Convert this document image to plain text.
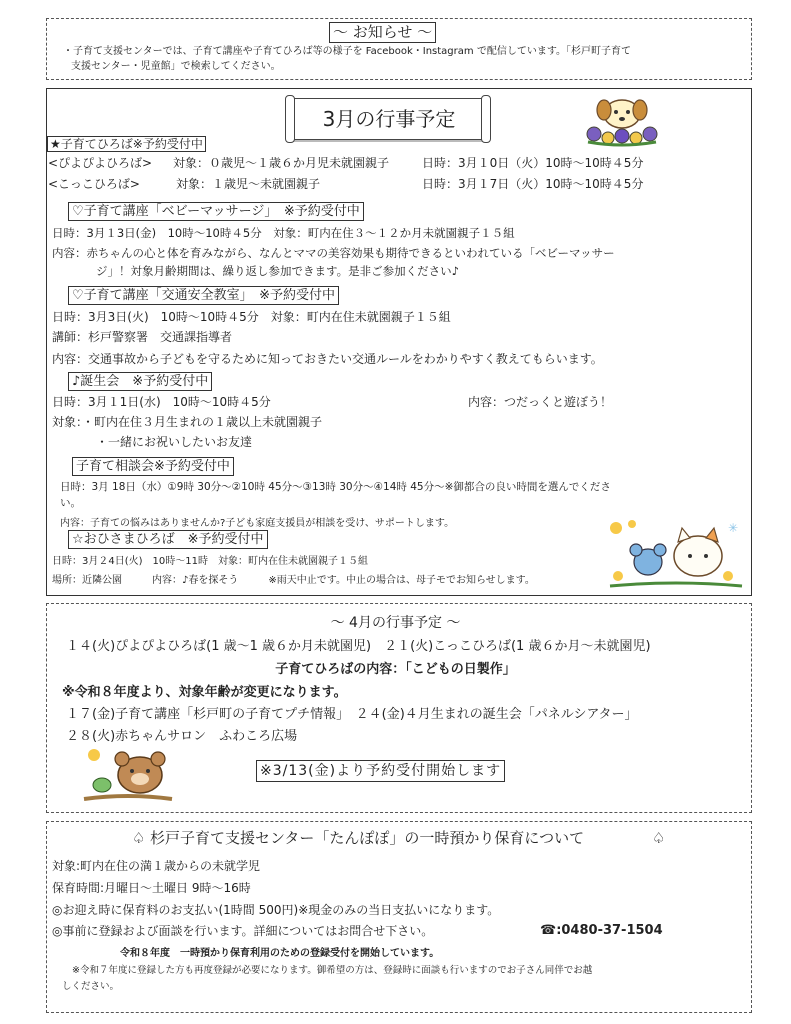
～ お知らせ ～
・子育て支援センターでは、子育て講座や子育てひろば等の様子を Facebook・Instagram で配信しています。「杉戸町子育て
支援センター・児童館」で検索してください。
3月の行事予定
★子育てひろば※予約受付中
<ぴよぴよひろば> 対象：０歳児～１歳６か月児未就園親子	日時：3月１0日（火）10時～10時４5分
<こっこひろば>	対象：１歳児～未就園親子	日時：3月１7日（火）10時～10時４5分
♡子育て講座「ベビーマッサージ」　※予約受付中
日時：3月１3日(金)　10時～10時４5分　対象：町内在住３～１２か月未就園親子１５組
内容：赤ちゃんの心と体を育みながら、なんとママの美容効果も期待できるといわれている「ベビーマッサー
ジ」！対象月齢期間は、繰り返し参加できます。是非ご参加ください♪
♡子育て講座「交通安全教室」　※予約受付中
日時：3月3日(火)　10時～10時４5分　対象：町内在住未就園親子１５組
講師：杉戸警察署　交通課指導者
内容：交通事故から子どもを守るために知っておきたい交通ルールをわかりやすく教えてもらいます。
♪誕生会　※予約受付中
日時：3月１1日(水)　10時～10時４5分	内容：つだっくと遊ぼう！
対象：・町内在住３月生まれの１歳以上未就園親子
・一緒にお祝いしたいお友達
子育て相談会※予約受付中
日時：3月 18日（水）①9時 30分～②10時 45分～③13時 30分～④14時 45分～※御都合の良い時間を選んでくださ
い。
内容：子育ての悩みはありませんか?子ども家庭支援員が相談を受け、サポートします。
☆おひさまひろば　※予約受付中
日時：3月２4日(火)　10時～11時　対象：町内在住未就園親子１５組
場所：近隣公園　　　内容：♪春を探そう　　　※雨天中止です。中止の場合は、母子モでお知らせします。
✳
～ 4月の行事予定 ～
１４(火)ぴよぴよひろば(1 歳～1 歳６か月未就園児)　２１(火)こっこひろば(1 歳６か月～未就園児)
子育てひろばの内容：「こどもの日製作」
※令和８年度より、対象年齢が変更になります。
１７(金)子育て講座「杉戸町の子育てプチ情報」　２４(金)４月生まれの誕生会「パネルシアター」
２８(火)赤ちゃんサロン　ふわころ広場
※3/13(金)より予約受付開始します
♤ 杉戸子育て支援センター「たんぽぽ」の一時預かり保育について	♤
対象:町内在住の満１歳からの未就学児
保育時間:月曜日～土曜日 9時～16時
◎お迎え時に保育料のお支払い(1時間 500円)※現金のみの当日支払いになります。
◎事前に登録および面談を行います。詳細についてはお問合せ下さい。	☎:0480-37-1504
令和８年度　一時預かり保育利用のための登録受付を開始しています。
※令和７年度に登録した方も再度登録が必要になります。御希望の方は、登録時に面談も行いますのでお子さん同伴でお越
しください。
